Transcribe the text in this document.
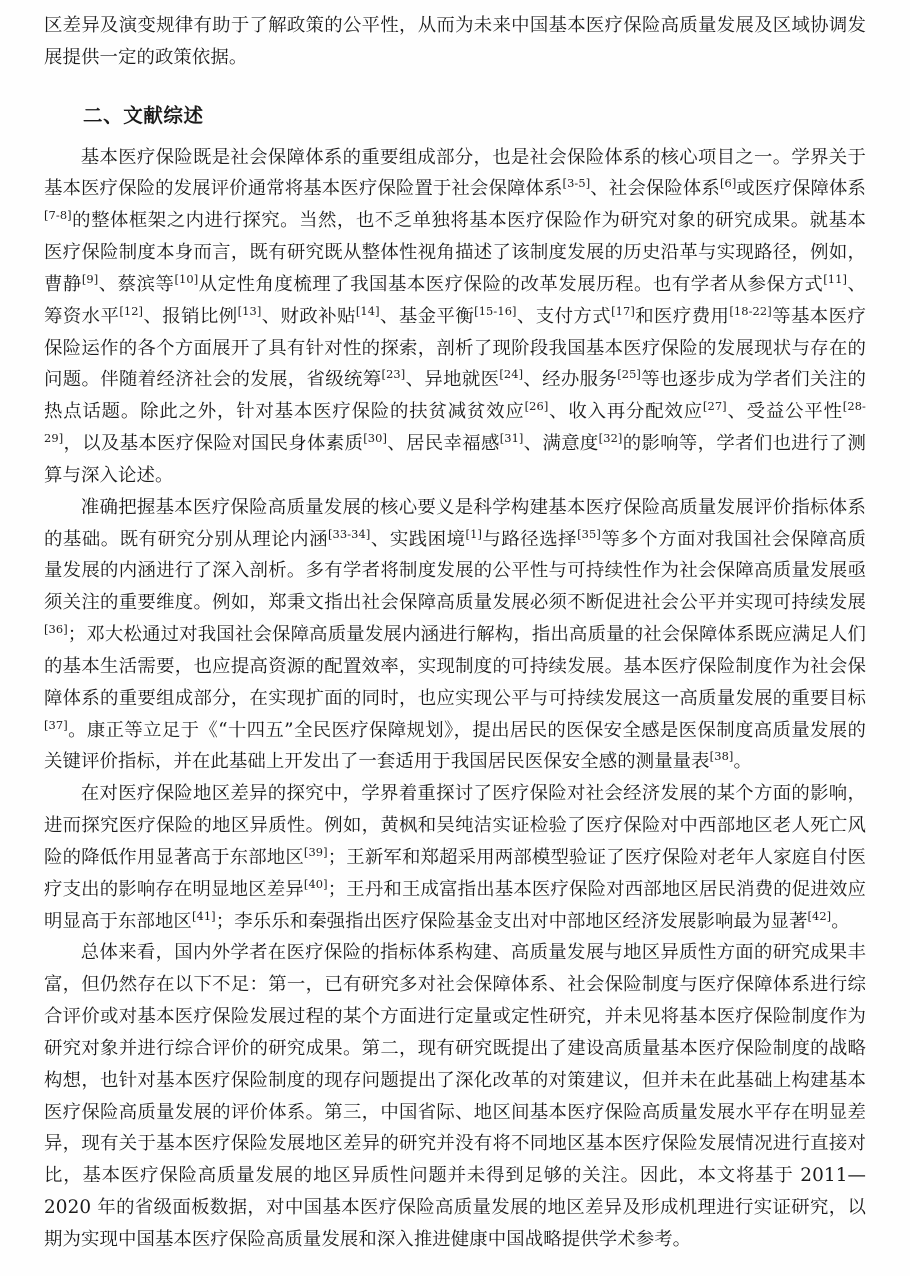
区差异及演变规律有助于了解政策的公平性，从而为未来中国基本医疗保险高质量发展及区域协调发展提供一定的政策依据。

二、文献综述

基本医疗保险既是社会保障体系的重要组成部分，也是社会保险体系的核心项目之一。学界关于基本医疗保险的发展评价通常将基本医疗保险置于社会保障体系[3-5]、社会保险体系[6]或医疗保障体系[7-8]的整体框架之内进行探究。当然，也不乏单独将基本医疗保险作为研究对象的研究成果。就基本医疗保险制度本身而言，既有研究既从整体性视角描述了该制度发展的历史沿革与实现路径，例如，曹静[9]、蔡滨等[10]从定性角度梳理了我国基本医疗保险的改革发展历程。也有学者从参保方式[11]、筹资水平[12]、报销比例[13]、财政补贴[14]、基金平衡[15-16]、支付方式[17]和医疗费用[18-22]等基本医疗保险运作的各个方面展开了具有针对性的探索，剖析了现阶段我国基本医疗保险的发展现状与存在的问题。伴随着经济社会的发展，省级统筹[23]、异地就医[24]、经办服务[25]等也逐步成为学者们关注的热点话题。除此之外，针对基本医疗保险的扶贫减贫效应[26]、收入再分配效应[27]、受益公平性[28-29]，以及基本医疗保险对国民身体素质[30]、居民幸福感[31]、满意度[32]的影响等，学者们也进行了测算与深入论述。

准确把握基本医疗保险高质量发展的核心要义是科学构建基本医疗保险高质量发展评价指标体系的基础。既有研究分别从理论内涵[33-34]、实践困境[1]与路径选择[35]等多个方面对我国社会保障高质量发展的内涵进行了深入剖析。多有学者将制度发展的公平性与可持续性作为社会保障高质量发展亟须关注的重要维度。例如，郑秉文指出社会保障高质量发展必须不断促进社会公平并实现可持续发展[36]；邓大松通过对我国社会保障高质量发展内涵进行解构，指出高质量的社会保障体系既应满足人们的基本生活需要，也应提高资源的配置效率，实现制度的可持续发展。基本医疗保险制度作为社会保障体系的重要组成部分，在实现扩面的同时，也应实现公平与可持续发展这一高质量发展的重要目标[37]。康正等立足于《“十四五”全民医疗保障规划》，提出居民的医保安全感是医保制度高质量发展的关键评价指标，并在此基础上开发出了一套适用于我国居民医保安全感的测量量表[38]。

在对医疗保险地区差异的探究中，学界着重探讨了医疗保险对社会经济发展的某个方面的影响，进而探究医疗保险的地区异质性。例如，黄枫和吴纯洁实证检验了医疗保险对中西部地区老人死亡风险的降低作用显著高于东部地区[39]；王新军和郑超采用两部模型验证了医疗保险对老年人家庭自付医疗支出的影响存在明显地区差异[40]；王丹和王成富指出基本医疗保险对西部地区居民消费的促进效应明显高于东部地区[41]；李乐乐和秦强指出医疗保险基金支出对中部地区经济发展影响最为显著[42]。

总体来看，国内外学者在医疗保险的指标体系构建、高质量发展与地区异质性方面的研究成果丰富，但仍然存在以下不足：第一，已有研究多对社会保障体系、社会保险制度与医疗保障体系进行综合评价或对基本医疗保险发展过程的某个方面进行定量或定性研究，并未见将基本医疗保险制度作为研究对象并进行综合评价的研究成果。第二，现有研究既提出了建设高质量基本医疗保险制度的战略构想，也针对基本医疗保险制度的现存问题提出了深化改革的对策建议，但并未在此基础上构建基本医疗保险高质量发展的评价体系。第三，中国省际、地区间基本医疗保险高质量发展水平存在明显差异，现有关于基本医疗保险发展地区差异的研究并没有将不同地区基本医疗保险发展情况进行直接对比，基本医疗保险高质量发展的地区异质性问题并未得到足够的关注。因此，本文将基于 2011—2020 年的省级面板数据，对中国基本医疗保险高质量发展的地区差异及形成机理进行实证研究，以期为实现中国基本医疗保险高质量发展和深入推进健康中国战略提供学术参考。
